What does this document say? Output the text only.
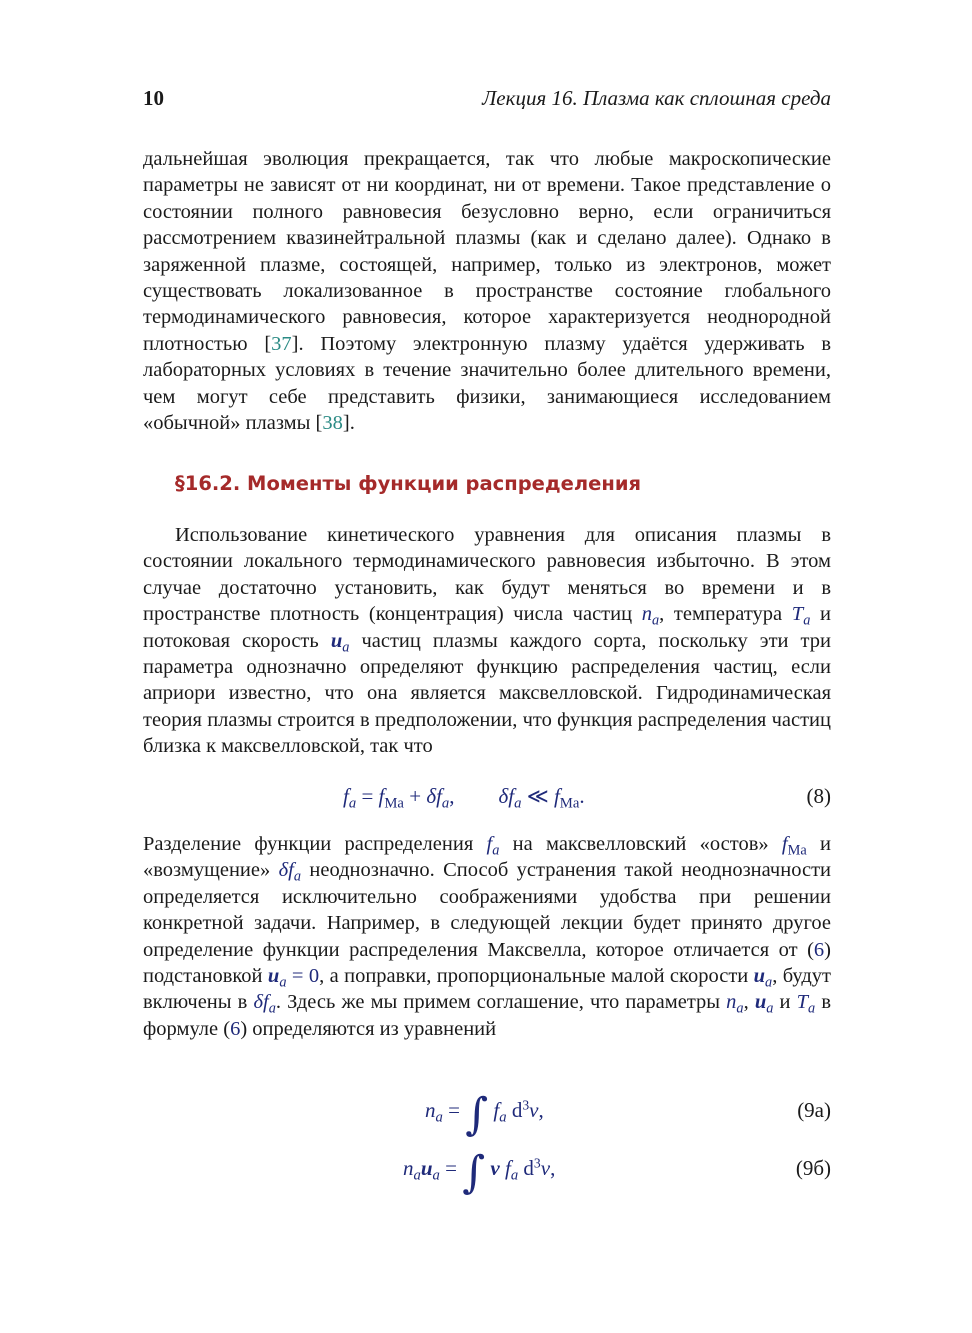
10	Лекция 16. Плазма как сплошная среда
дальнейшая эволюция прекращается, так что любые макроскопические параметры не зависят от ни координат, ни от времени. Такое представление о состоянии полного равновесия безусловно верно, если ограничиться рассмотрением квазинейтральной плазмы (как и сделано далее). Однако в заряженной плазме, состоящей, например, только из электронов, может существовать локализованное в пространстве состояние глобального термодинамического равновесия, которое характеризуется неоднородной плотностью [37]. Поэтому электронную плазму удаётся удерживать в лабораторных условиях в течение значительно более длительного времени, чем могут себе представить физики, занимающиеся исследованием «обычной» плазмы [38].
§16.2. Моменты функции распределения
Использование кинетического уравнения для описания плазмы в состоянии локального термодинамического равновесия избыточно. В этом случае достаточно установить, как будут меняться во времени и в пространстве плотность (концентрация) числа частиц $n_a$, температура $T_a$ и потоковая скорость $u_a$ частиц плазмы каждого сорта, поскольку эти три параметра однозначно определяют функцию распределения частиц, если априори известно, что она является максвелловской. Гидродинамическая теория плазмы строится в предположении, что функция распределения частиц близка к максвелловской, так что
$f_a = f_{Ма} + \delta f_a$, $\delta f_a$ ≪ $f_{Ма}$.	(8)
Разделение функции распределения $f_a$ на максвелловский «остов» $f_{Ма}$ и «возмущение» $\delta f_a$ неоднозначно. Способ устранения такой неоднозначности определяется исключительно соображениями удобства при решении конкретной задачи. Например, в следующей лекции будет принято другое определение функции распределения Максвелла, которое отличается от (6) подстановкой $u_a = 0$, а поправки, пропорциональные малой скорости $u_a$, будут включены в $\delta f_a$. Здесь же мы примем соглашение, что параметры $n_a$, $u_a$ и $T_a$ в формуле (6) определяются из уравнений
$n_a$ = ∫ $f_a$ $d^3v$,	(9а)
$n_au_a$ = ∫ v $f_a$ $d^3v$,	(9б)
